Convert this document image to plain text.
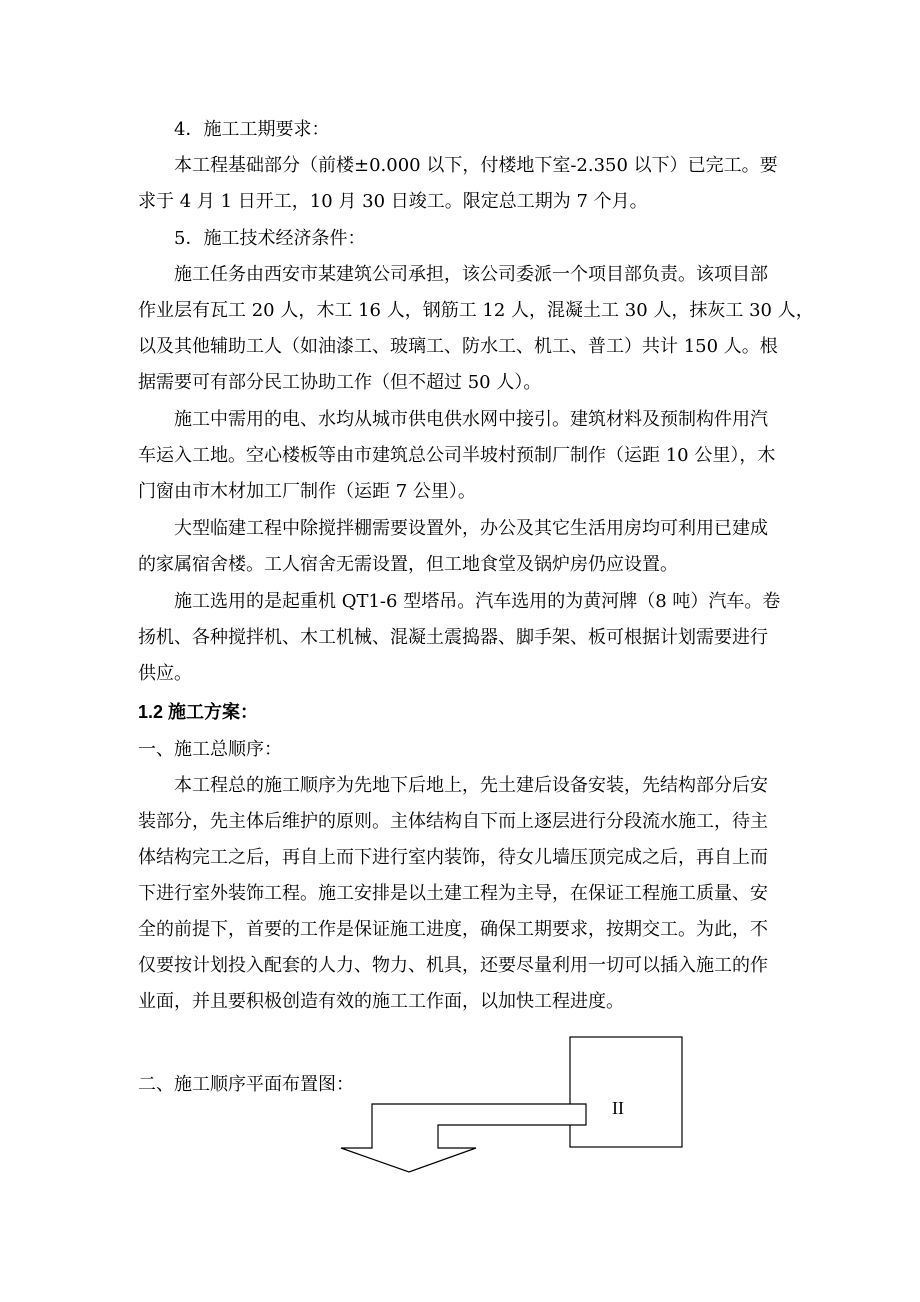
4．施工工期要求：
本工程基础部分（前楼±0.000 以下，付楼地下室-2.350 以下）已完工。要
求于 4 月 1 日开工，10 月 30 日竣工。限定总工期为 7 个月。
5．施工技术经济条件：
施工任务由西安市某建筑公司承担，该公司委派一个项目部负责。该项目部
作业层有瓦工 20 人，木工 16 人，钢筋工 12 人，混凝土工 30 人，抹灰工 30 人，
以及其他辅助工人（如油漆工、玻璃工、防水工、机工、普工）共计 150 人。根
据需要可有部分民工协助工作（但不超过 50 人）。
施工中需用的电、水均从城市供电供水网中接引。建筑材料及预制构件用汽
车运入工地。空心楼板等由市建筑总公司半坡村预制厂制作（运距 10 公里），木
门窗由市木材加工厂制作（运距 7 公里）。
大型临建工程中除搅拌棚需要设置外，办公及其它生活用房均可利用已建成
的家属宿舍楼。工人宿舍无需设置，但工地食堂及锅炉房仍应设置。
施工选用的是起重机 QT1-6 型塔吊。汽车选用的为黄河牌（8 吨）汽车。卷
扬机、各种搅拌机、木工机械、混凝土震捣器、脚手架、板可根据计划需要进行
供应。
1.2 施工方案：
一、施工总顺序：
本工程总的施工顺序为先地下后地上，先土建后设备安装，先结构部分后安
装部分，先主体后维护的原则。主体结构自下而上逐层进行分段流水施工，待主
体结构完工之后，再自上而下进行室内装饰，待女儿墙压顶完成之后，再自上而
下进行室外装饰工程。施工安排是以土建工程为主导，在保证工程施工质量、安
全的前提下，首要的工作是保证施工进度，确保工期要求，按期交工。为此，不
仅要按计划投入配套的人力、物力、机具，还要尽量利用一切可以插入施工的作
业面，并且要积极创造有效的施工工作面，以加快工程进度。
二、施工顺序平面布置图：
II
